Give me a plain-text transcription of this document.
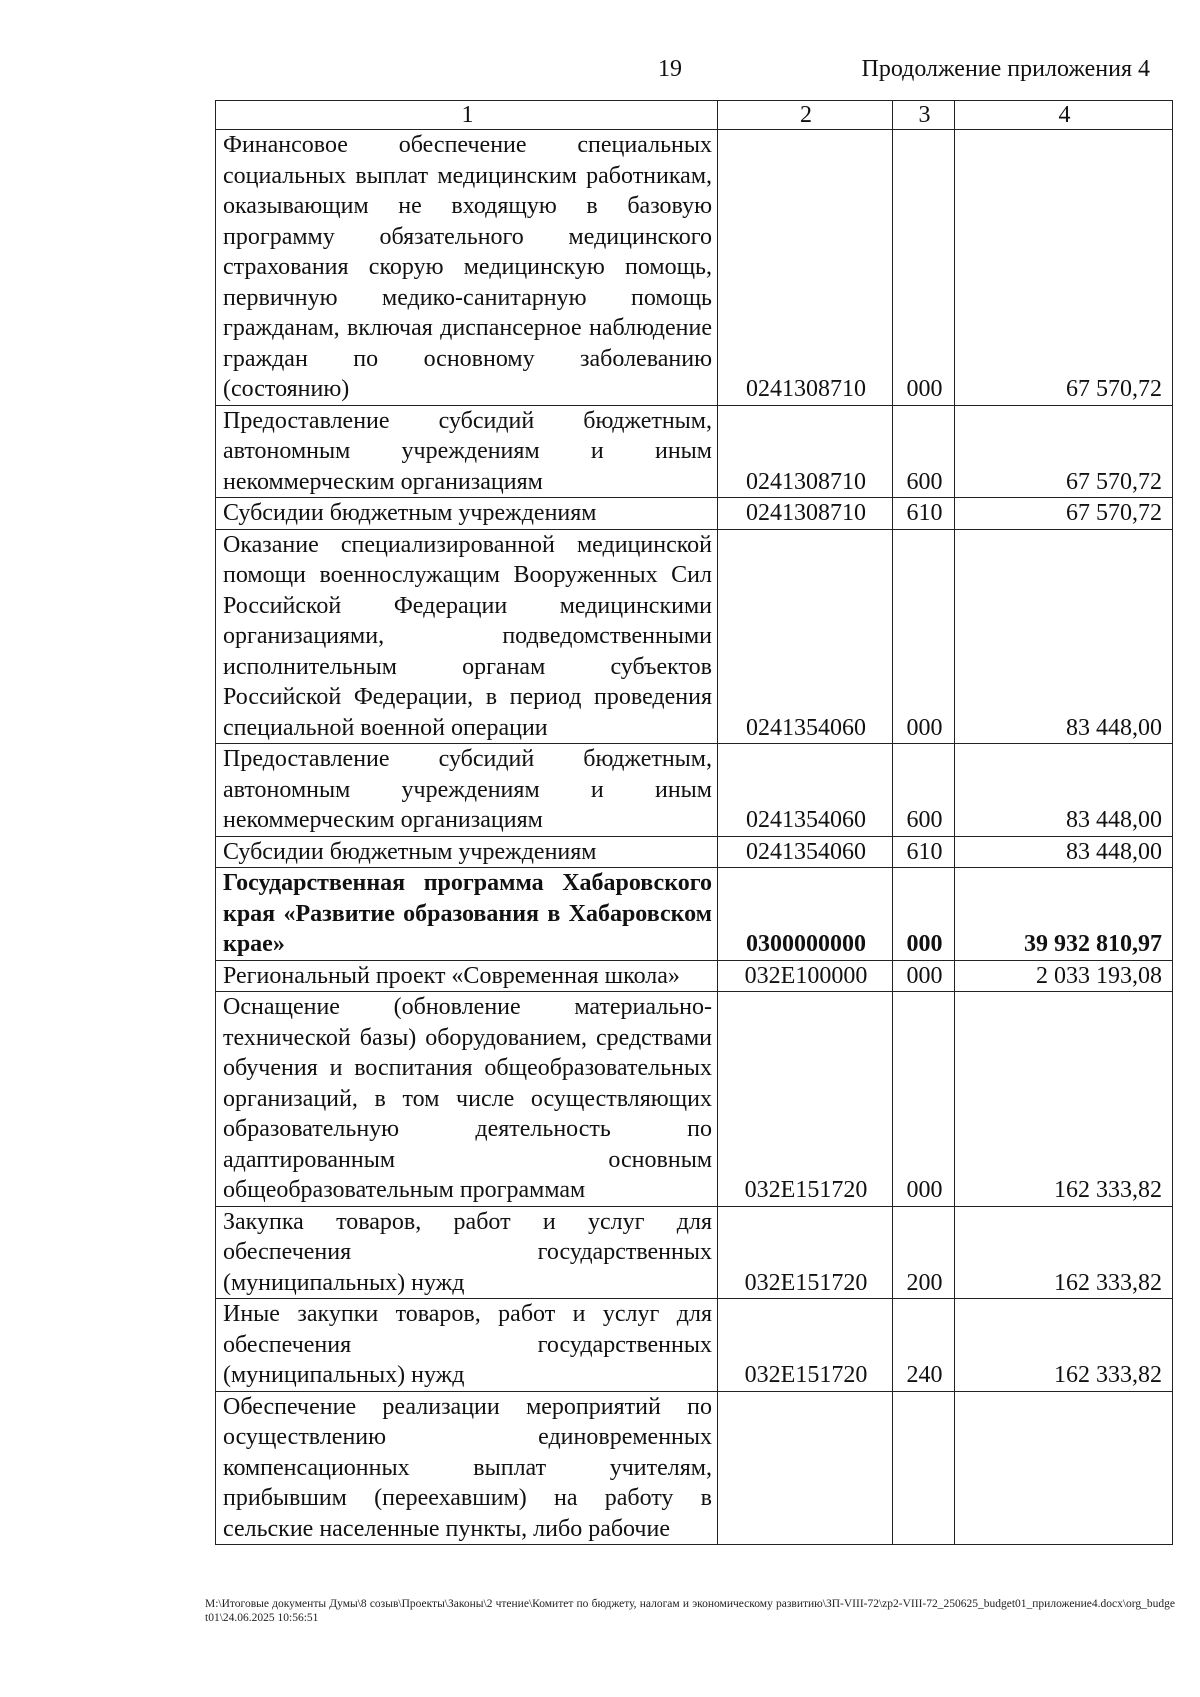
19	Продолжение приложения 4
1	2	3	4
Финансовое обеспечение специальных социальных выплат медицинским работникам, оказывающим не входящую в базовую программу обязательного медицинского страхования скорую медицинскую помощь, первичную медико-санитарную помощь гражданам, включая диспансерное наблюдение граждан по основному заболеванию (состоянию)	0241308710	000	67 570,72
Предоставление субсидий бюджетным, автономным учреждениям и иным некоммерческим организациям	0241308710	600	67 570,72
Субсидии бюджетным учреждениям	0241308710	610	67 570,72
Оказание специализированной медицинской помощи военнослужащим Вооруженных Сил Российской Федерации медицинскими организациями, подведомственными исполнительным органам субъектов Российской Федерации, в период проведения специальной военной операции	0241354060	000	83 448,00
Предоставление субсидий бюджетным, автономным учреждениям и иным некоммерческим организациям	0241354060	600	83 448,00
Субсидии бюджетным учреждениям	0241354060	610	83 448,00
Государственная программа Хабаровского края «Развитие образования в Хабаровском крае»	0300000000	000	39 932 810,97
Региональный проект «Современная школа»	032Е100000	000	2 033 193,08
Оснащение (обновление материально-технической базы) оборудованием, средствами обучения и воспитания общеобразовательных организаций, в том числе осуществляющих образовательную деятельность по адаптированным основным общеобразовательным программам	032Е151720	000	162 333,82
Закупка товаров, работ и услуг для обеспечения государственных (муниципальных) нужд	032Е151720	200	162 333,82
Иные закупки товаров, работ и услуг для обеспечения государственных (муниципальных) нужд	032Е151720	240	162 333,82
Обеспечение реализации мероприятий по осуществлению единовременных компенсационных выплат учителям, прибывшим (переехавшим) на работу в сельские населенные пункты, либо рабочие			
M:\Итоговые документы Думы\8 созыв\Проекты\Законы\2 чтение\Комитет по бюджету, налогам и экономическому развитию\ЗП-VIII-72\zp2-VIII-72_250625_budget01_приложение4.docx\org_budget01\24.06.2025 10:56:51
